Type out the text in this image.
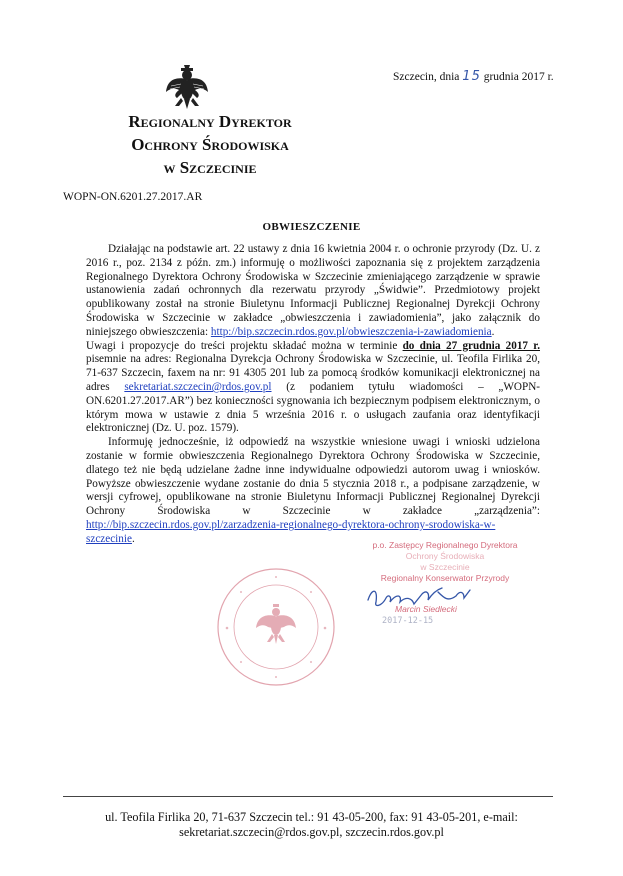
Szczecin, dnia 15 grudnia 2017 r.
Regionalny Dyrektor
Ochrony Środowiska
w Szczecinie
WOPN-ON.6201.27.2017.AR
OBWIESZCZENIE

Działając na podstawie art. 22 ustawy z dnia 16 kwietnia 2004 r. o ochronie przyrody (Dz. U. z 2016 r., poz. 2134 z późn. zm.) informuję o możliwości zapoznania się z projektem zarządzenia Regionalnego Dyrektora Ochrony Środowiska w Szczecinie zmieniającego zarządzenie w sprawie ustanowienia zadań ochronnych dla rezerwatu przyrody „Świdwie”. Przedmiotowy projekt opublikowany został na stronie Biuletynu Informacji Publicznej Regionalnej Dyrekcji Ochrony Środowiska w Szczecinie w zakładce „obwieszczenia i zawiadomienia”, jako załącznik do niniejszego obwieszczenia: http://bip.szczecin.rdos.gov.pl/obwieszczenia-i-zawiadomienia.

Uwagi i propozycje do treści projektu składać można w terminie do dnia 27 grudnia 2017 r. pisemnie na adres: Regionalna Dyrekcja Ochrony Środowiska w Szczecinie, ul. Teofila Firlika 20, 71-637 Szczecin, faxem na nr: 91 4305 201 lub za pomocą środków komunikacji elektronicznej na adres sekretariat.szczecin@rdos.gov.pl (z podaniem tytułu wiadomości – „WOPN-ON.6201.27.2017.AR”) bez konieczności sygnowania ich bezpiecznym podpisem elektronicznym, o którym mowa w ustawie z dnia 5 września 2016 r. o usługach zaufania oraz identyfikacji elektronicznej (Dz. U. poz. 1579).

Informuję jednocześnie, iż odpowiedź na wszystkie wniesione uwagi i wnioski udzielona zostanie w formie obwieszczenia Regionalnego Dyrektora Ochrony Środowiska w Szczecinie, dlatego też nie będą udzielane żadne inne indywidualne odpowiedzi autorom uwag i wniosków. Powyższe obwieszczenie wydane zostanie do dnia 5 stycznia 2018 r., a podpisane zarządzenie, w wersji cyfrowej, opublikowane na stronie Biuletynu Informacji Publicznej Regionalnej Dyrekcji Ochrony Środowiska w Szczecinie w zakładce „zarządzenia”: http://bip.szczecin.rdos.gov.pl/zarzadzenia-regionalnego-dyrektora-ochrony-srodowiska-w-szczecinie.

p.o. Zastępcy Regionalnego Dyrektora
Ochrony Środowiska
w Szczecinie
Regionalny Konserwator Przyrody
Marcin Siedlecki
2017-12-15
ul. Teofila Firlika 20, 71-637 Szczecin tel.: 91 43-05-200, fax: 91 43-05-201, e-mail:
sekretariat.szczecin@rdos.gov.pl, szczecin.rdos.gov.pl
